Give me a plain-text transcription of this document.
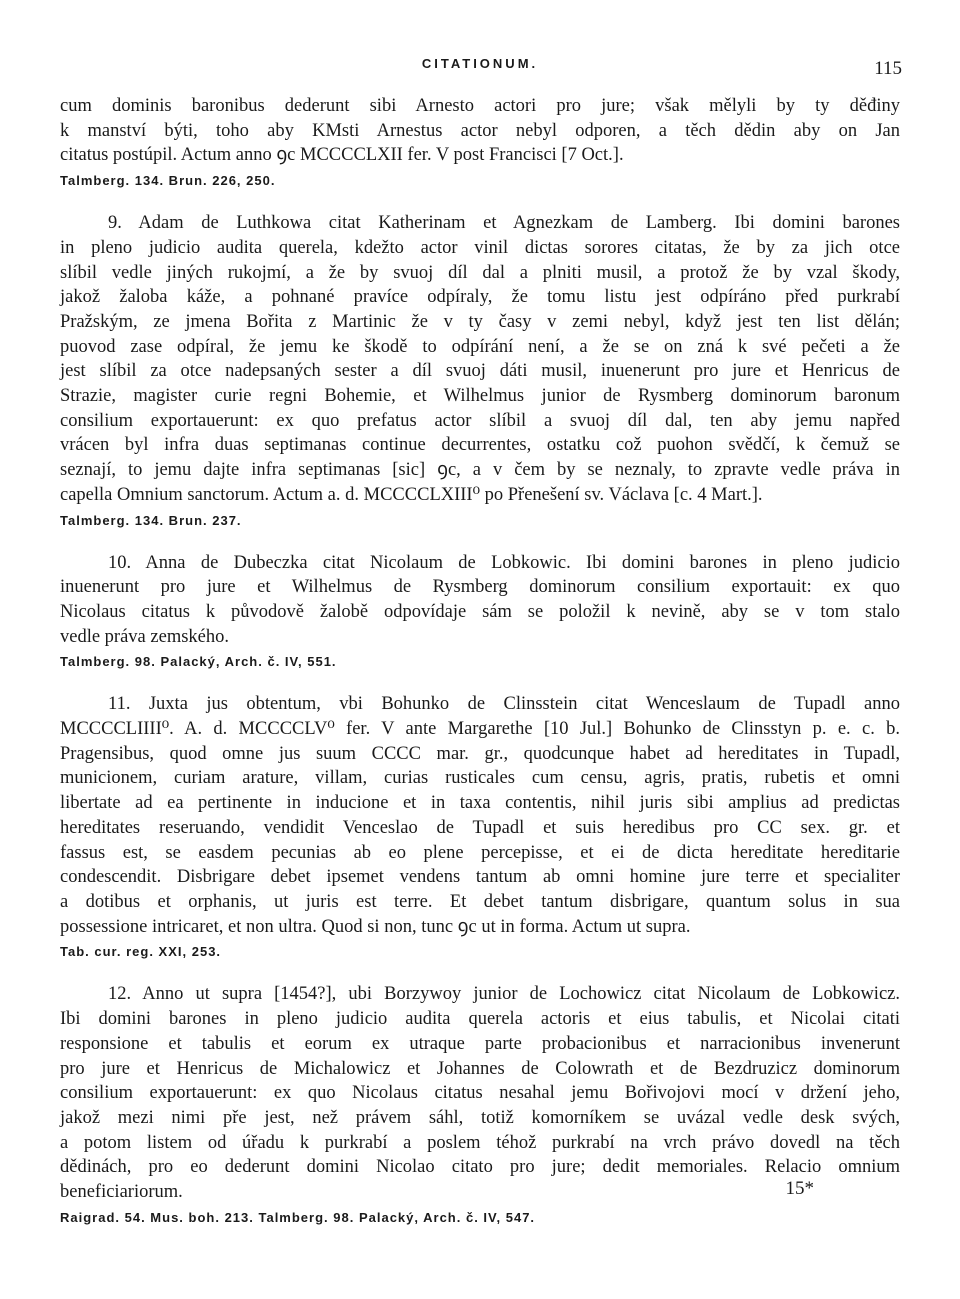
CITATIONUM.	115
cum dominis baronibus dederunt sibi Arnesto actori pro jure; však mělyli by ty děđiny
k manství býti, toho aby KMsti Arnestus actor nebyl odporen, a těch dědin aby on Jan
citatus postúpil. Actum anno ꝯc MCCCCLXII fer. V post Francisci [7 Oct.].
Talmberg. 134. Brun. 226, 250.
9. Adam de Luthkowa citat Katherinam et Agnezkam de Lamberg. Ibi domini barones
in pleno judicio audita querela, kdežto actor vinil dictas sorores citatas, že by za jich otce
slíbil vedle jiných rukojmí, a že by svuoj díl dal a plniti musil, a protož že by vzal škody,
jakož žaloba káže, a pohnané pravíce odpíraly, že tomu listu jest odpíráno před purkrabí
Pražským, ze jmena Bořita z Martinic že v ty časy v zemi nebyl, když jest ten list dělán;
puovod zase odpíral, že jemu ke škodě to odpírání není, a že se on zná k své pečeti a že
jest slíbil za otce nadepsaných sester a díl svuoj dáti musil, inuenerunt pro jure et Henricus de
Strazie, magister curie regni Bohemie, et Wilhelmus junior de Rysmberg dominorum baronum
consilium exportauerunt: ex quo prefatus actor slíbil a svuoj díl dal, ten aby jemu napřed
vrácen byl infra duas septimanas continue decurrentes, ostatku což puohon svědčí, k čemuž se
seznají, to jemu dajte infra septimanas [sic] ꝯc, a v čem by se neznaly, to zpravte vedle práva in
capella Omnium sanctorum. Actum a. d. MCCCCLXIII⁰ po Přenešení sv. Václava [c. 4 Mart.].
Talmberg. 134. Brun. 237.
10. Anna de Dubeczka citat Nicolaum de Lobkowic. Ibi domini barones in pleno judicio
inuenerunt pro jure et Wilhelmus de Rysmberg dominorum consilium exportauit: ex quo
Nicolaus citatus k původově žalobě odpovídaje sám se položil k nevině, aby se v tom stalo
vedle práva zemského.
Talmberg. 98. Palacký, Arch. č. IV, 551.
11. Juxta jus obtentum, vbi Bohunko de Clinsstein citat Wenceslaum de Tupadl anno
MCCCCLIIII⁰. A. d. MCCCCLV⁰ fer. V ante Margarethe [10 Jul.] Bohunko de Clinsstyn p. e. c. b.
Pragensibus, quod omne jus suum CCCC mar. gr., quodcunque habet ad hereditates in Tupadl,
municionem, curiam arature, villam, curias rusticales cum censu, agris, pratis, rubetis et omni
libertate ad ea pertinente in inducione et in taxa contentis, nihil juris sibi amplius ad predictas
hereditates reseruando, vendidit Venceslao de Tupadl et suis heredibus pro CC sex. gr. et
fassus est, se easdem pecunias ab eo plene percepisse, et ei de dicta hereditate hereditarie
condescendit. Disbrigare debet ipsemet vendens tantum ab omni homine jure terre et specialiter
a dotibus et orphanis, ut juris est terre. Et debet tantum disbrigare, quantum solus in sua
possessione intricaret, et non ultra. Quod si non, tunc ꝯc ut in forma. Actum ut supra.
Tab. cur. reg. XXI, 253.
12. Anno ut supra [1454?], ubi Borzywoy junior de Lochowicz citat Nicolaum de Lobkowicz.
Ibi domini barones in pleno judicio audita querela actoris et eius tabulis, et Nicolai citati
responsione et tabulis et eorum ex utraque parte probacionibus et narracionibus invenerunt
pro jure et Henricus de Michalowicz et Johannes de Colowrath et de Bezdruzicz dominorum
consilium exportauerunt: ex quo Nicolaus citatus nesahal jemu Bořivojovi mocí v držení jeho,
jakož mezi nimi pře jest, než právem sáhl, totiž komorníkem se uvázal vedle desk svých,
a potom listem od úřadu k purkrabí a poslem téhož purkrabí na vrch právo dovedl na těch
dědinách, pro eo dederunt domini Nicolao citato pro jure; dedit memoriales. Relacio omnium
beneficiariorum.
Raigrad. 54. Mus. boh. 213. Talmberg. 98. Palacký, Arch. č. IV, 547.
15*
